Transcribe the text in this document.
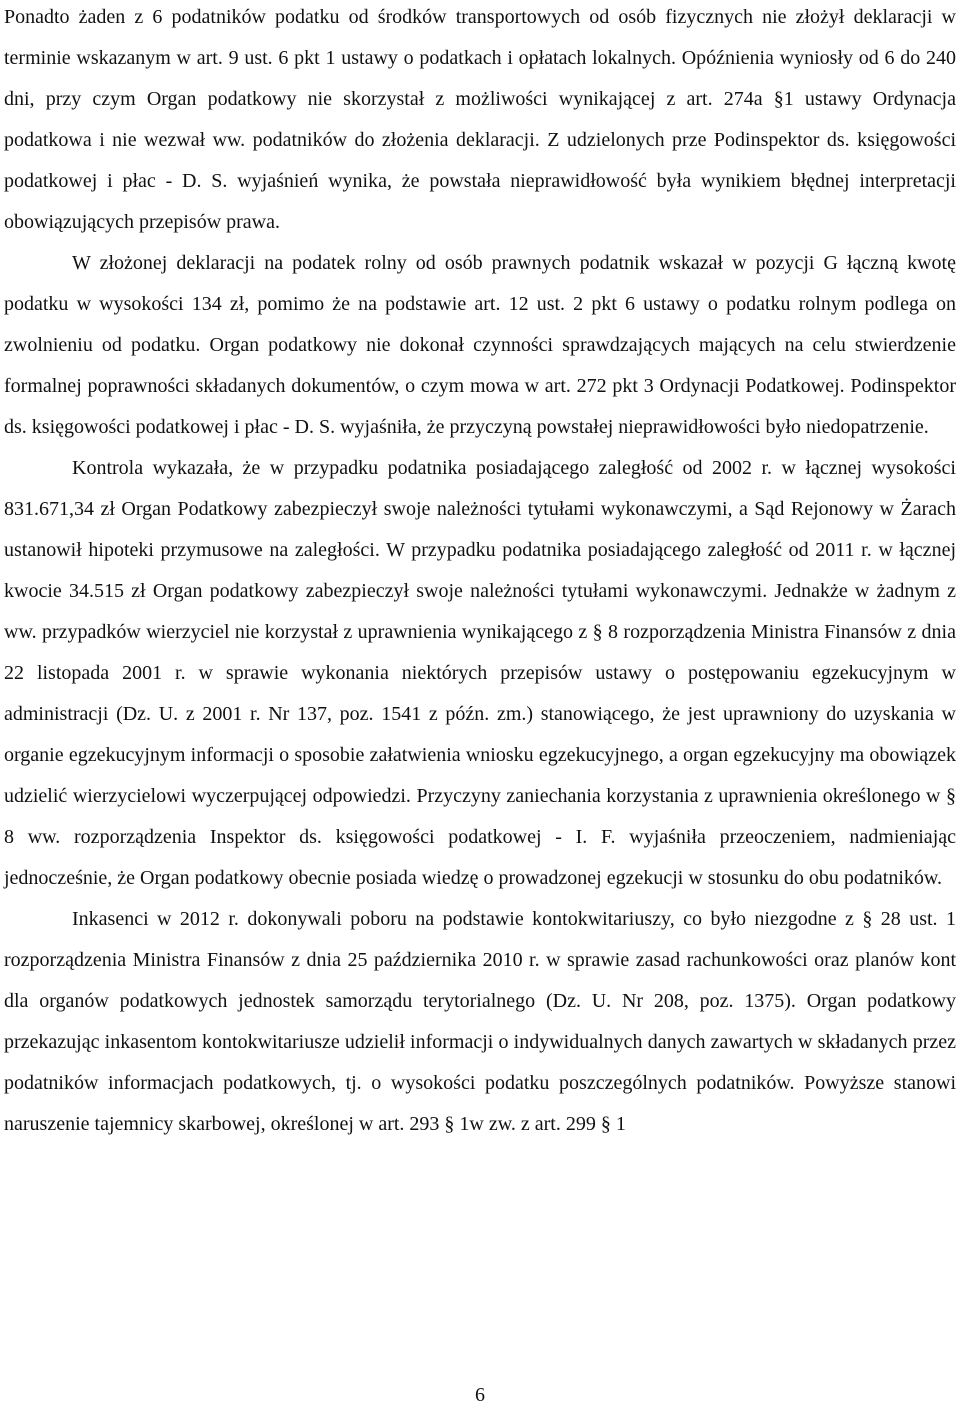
Ponadto żaden z 6 podatników podatku od środków transportowych od osób fizycznych nie złożył deklaracji w terminie wskazanym w art. 9 ust. 6 pkt 1 ustawy o podatkach i opłatach lokalnych. Opóźnienia wyniosły od 6 do 240 dni, przy czym Organ podatkowy nie skorzystał z możliwości wynikającej z art. 274a §1 ustawy Ordynacja podatkowa i nie wezwał ww. podatników do złożenia deklaracji. Z udzielonych prze Podinspektor ds. księgowości podatkowej i płac - D. S. wyjaśnień wynika, że powstała nieprawidłowość była wynikiem błędnej interpretacji obowiązujących przepisów prawa.

W złożonej deklaracji na podatek rolny od osób prawnych podatnik wskazał w pozycji G łączną kwotę podatku w wysokości 134 zł, pomimo że na podstawie art. 12 ust. 2 pkt 6 ustawy o podatku rolnym podlega on zwolnieniu od podatku. Organ podatkowy nie dokonał czynności sprawdzających mających na celu stwierdzenie formalnej poprawności składanych dokumentów, o czym mowa w art. 272 pkt 3 Ordynacji Podatkowej. Podinspektor ds. księgowości podatkowej i płac - D. S. wyjaśniła, że przyczyną powstałej nieprawidłowości było niedopatrzenie.

Kontrola wykazała, że w przypadku podatnika posiadającego zaległość od 2002 r. w łącznej wysokości 831.671,34 zł Organ Podatkowy zabezpieczył swoje należności tytułami wykonawczymi, a Sąd Rejonowy w Żarach ustanowił hipoteki przymusowe na zaległości. W przypadku podatnika posiadającego zaległość od 2011 r. w łącznej kwocie 34.515 zł Organ podatkowy zabezpieczył swoje należności tytułami wykonawczymi. Jednakże w żadnym z ww. przypadków wierzyciel nie korzystał z uprawnienia wynikającego z § 8 rozporządzenia Ministra Finansów z dnia 22 listopada 2001 r. w sprawie wykonania niektórych przepisów ustawy o postępowaniu egzekucyjnym w administracji (Dz. U. z 2001 r. Nr 137, poz. 1541 z późn. zm.) stanowiącego, że jest uprawniony do uzyskania w organie egzekucyjnym informacji o sposobie załatwienia wniosku egzekucyjnego, a organ egzekucyjny ma obowiązek udzielić wierzycielowi wyczerpującej odpowiedzi. Przyczyny zaniechania korzystania z uprawnienia określonego w § 8 ww. rozporządzenia Inspektor ds. księgowości podatkowej - I. F. wyjaśniła przeoczeniem, nadmieniając jednocześnie, że Organ podatkowy obecnie posiada wiedzę o prowadzonej egzekucji w stosunku do obu podatników.

Inkasenci w 2012 r. dokonywali poboru na podstawie kontokwitariuszy, co było niezgodne z § 28 ust. 1 rozporządzenia Ministra Finansów z dnia 25 października 2010 r. w sprawie zasad rachunkowości oraz planów kont dla organów podatkowych jednostek samorządu terytorialnego (Dz. U. Nr 208, poz. 1375). Organ podatkowy przekazując inkasentom kontokwitariusze udzielił informacji o indywidualnych danych zawartych w składanych przez podatników informacjach podatkowych, tj. o wysokości podatku poszczególnych podatników. Powyższe stanowi naruszenie tajemnicy skarbowej, określonej w art. 293 § 1w zw. z art. 299 § 1

6
